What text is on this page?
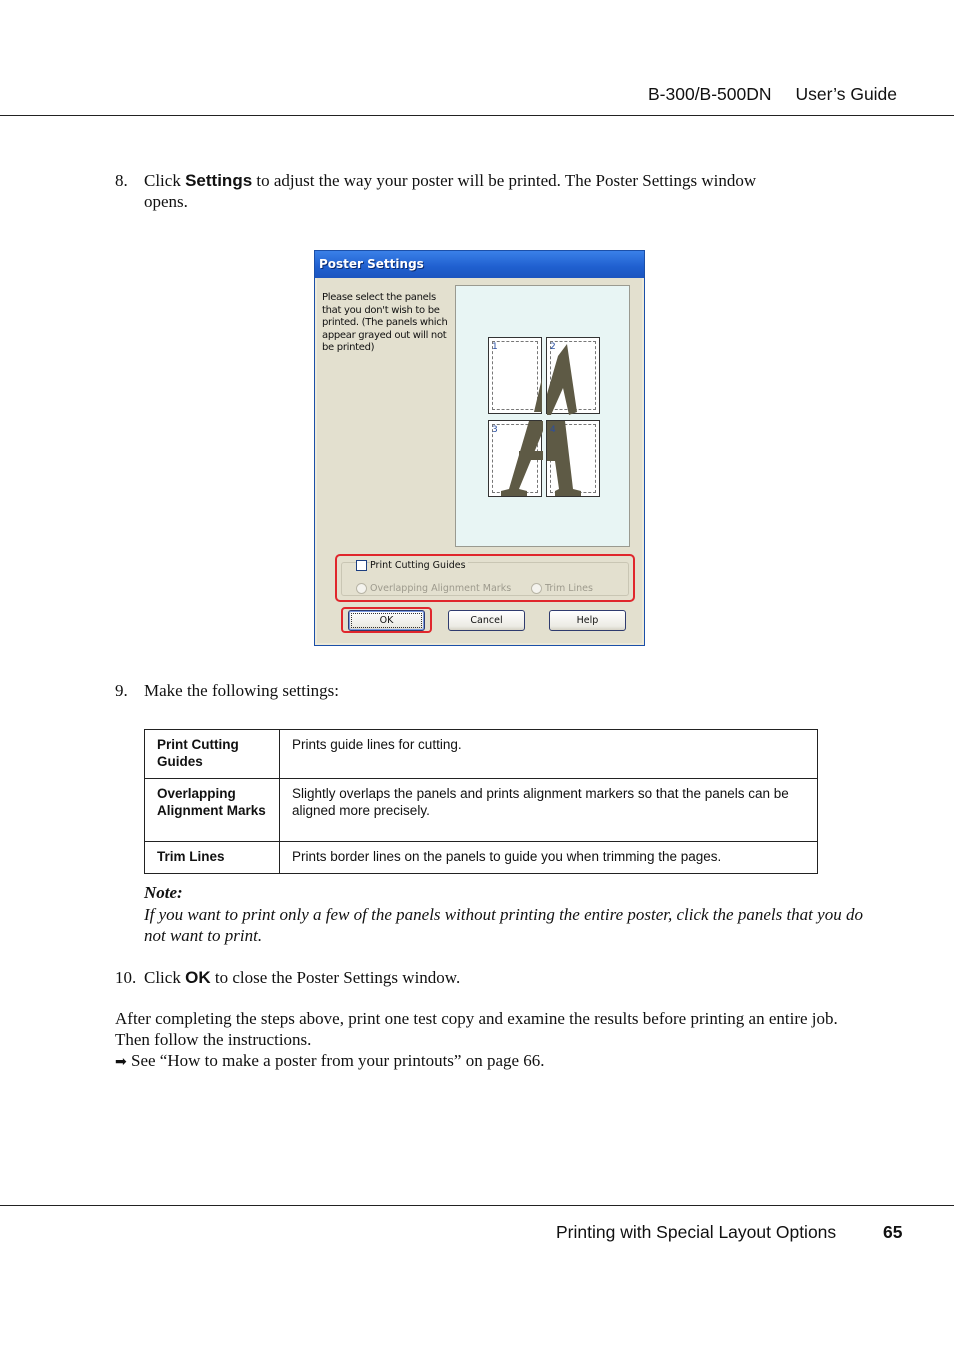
B-300/B-500DN User’s Guide
8. Click Settings to adjust the way your poster will be printed. The Poster Settings window
opens.
Poster Settings
Please select the panels that you don't wish to be printed. (The panels which appear grayed out will not be printed)	1	2
3	4
Print Cutting Guides
Overlapping Alignment Marks	Trim Lines
OK	Cancel	Help
9. Make the following settings:
Print Cutting Guides	Prints guide lines for cutting.
Overlapping Alignment Marks	Slightly overlaps the panels and prints alignment markers so that the panels can be aligned more precisely.
Trim Lines	Prints border lines on the panels to guide you when trimming the pages.
Note:
If you want to print only a few of the panels without printing the entire poster, click the panels that you do not want to print.
10. Click OK to close the Poster Settings window.
After completing the steps above, print one test copy and examine the results before printing an entire job. Then follow the instructions.
➡ See “How to make a poster from your printouts” on page 66.
Printing with Special Layout Options	65
